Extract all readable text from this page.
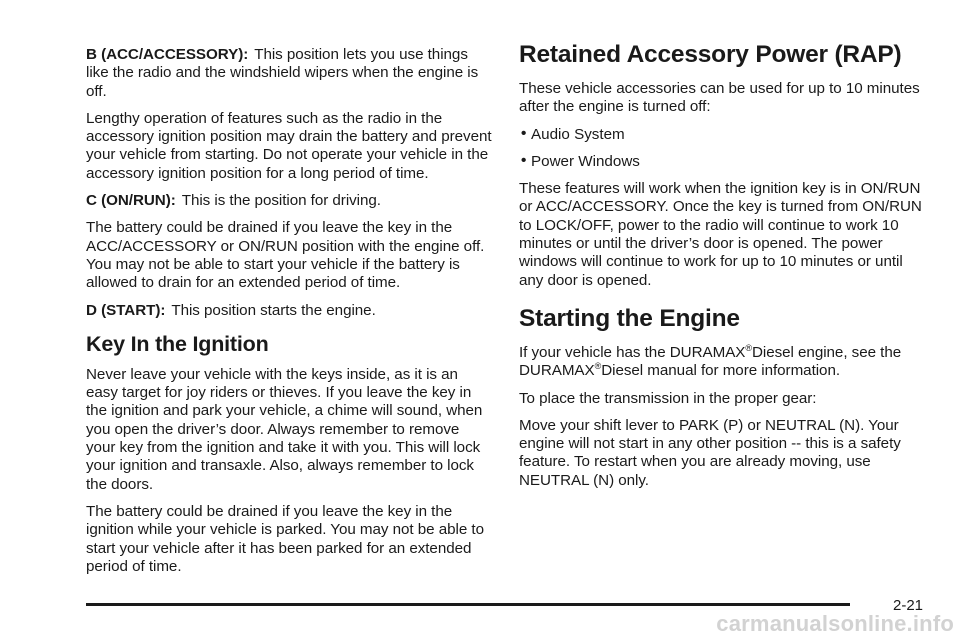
B (ACC/ACCESSORY): This position lets you use things like the radio and the windshield wipers when the engine is off.

Lengthy operation of features such as the radio in the accessory ignition position may drain the battery and prevent your vehicle from starting. Do not operate your vehicle in the accessory ignition position for a long period of time.

C (ON/RUN): This is the position for driving.

The battery could be drained if you leave the key in the ACC/ACCESSORY or ON/RUN position with the engine off. You may not be able to start your vehicle if the battery is allowed to drain for an extended period of time.

D (START): This position starts the engine.

Key In the Ignition

Never leave your vehicle with the keys inside, as it is an easy target for joy riders or thieves. If you leave the key in the ignition and park your vehicle, a chime will sound, when you open the driver’s door. Always remember to remove your key from the ignition and take it with you. This will lock your ignition and transaxle. Also, always remember to lock the doors.

The battery could be drained if you leave the key in the ignition while your vehicle is parked. You may not be able to start your vehicle after it has been parked for an extended period of time.

Retained Accessory Power (RAP)

These vehicle accessories can be used for up to 10 minutes after the engine is turned off:

• Audio System
• Power Windows

These features will work when the ignition key is in ON/RUN or ACC/ACCESSORY. Once the key is turned from ON/RUN to LOCK/OFF, power to the radio will continue to work 10 minutes or until the driver’s door is opened. The power windows will continue to work for up to 10 minutes or until any door is opened.

Starting the Engine

If your vehicle has the DURAMAX®Diesel engine, see the DURAMAX®Diesel manual for more information.

To place the transmission in the proper gear:

Move your shift lever to PARK (P) or NEUTRAL (N). Your engine will not start in any other position -- this is a safety feature. To restart when you are already moving, use NEUTRAL (N) only.

2-21
carmanualsonline.info
